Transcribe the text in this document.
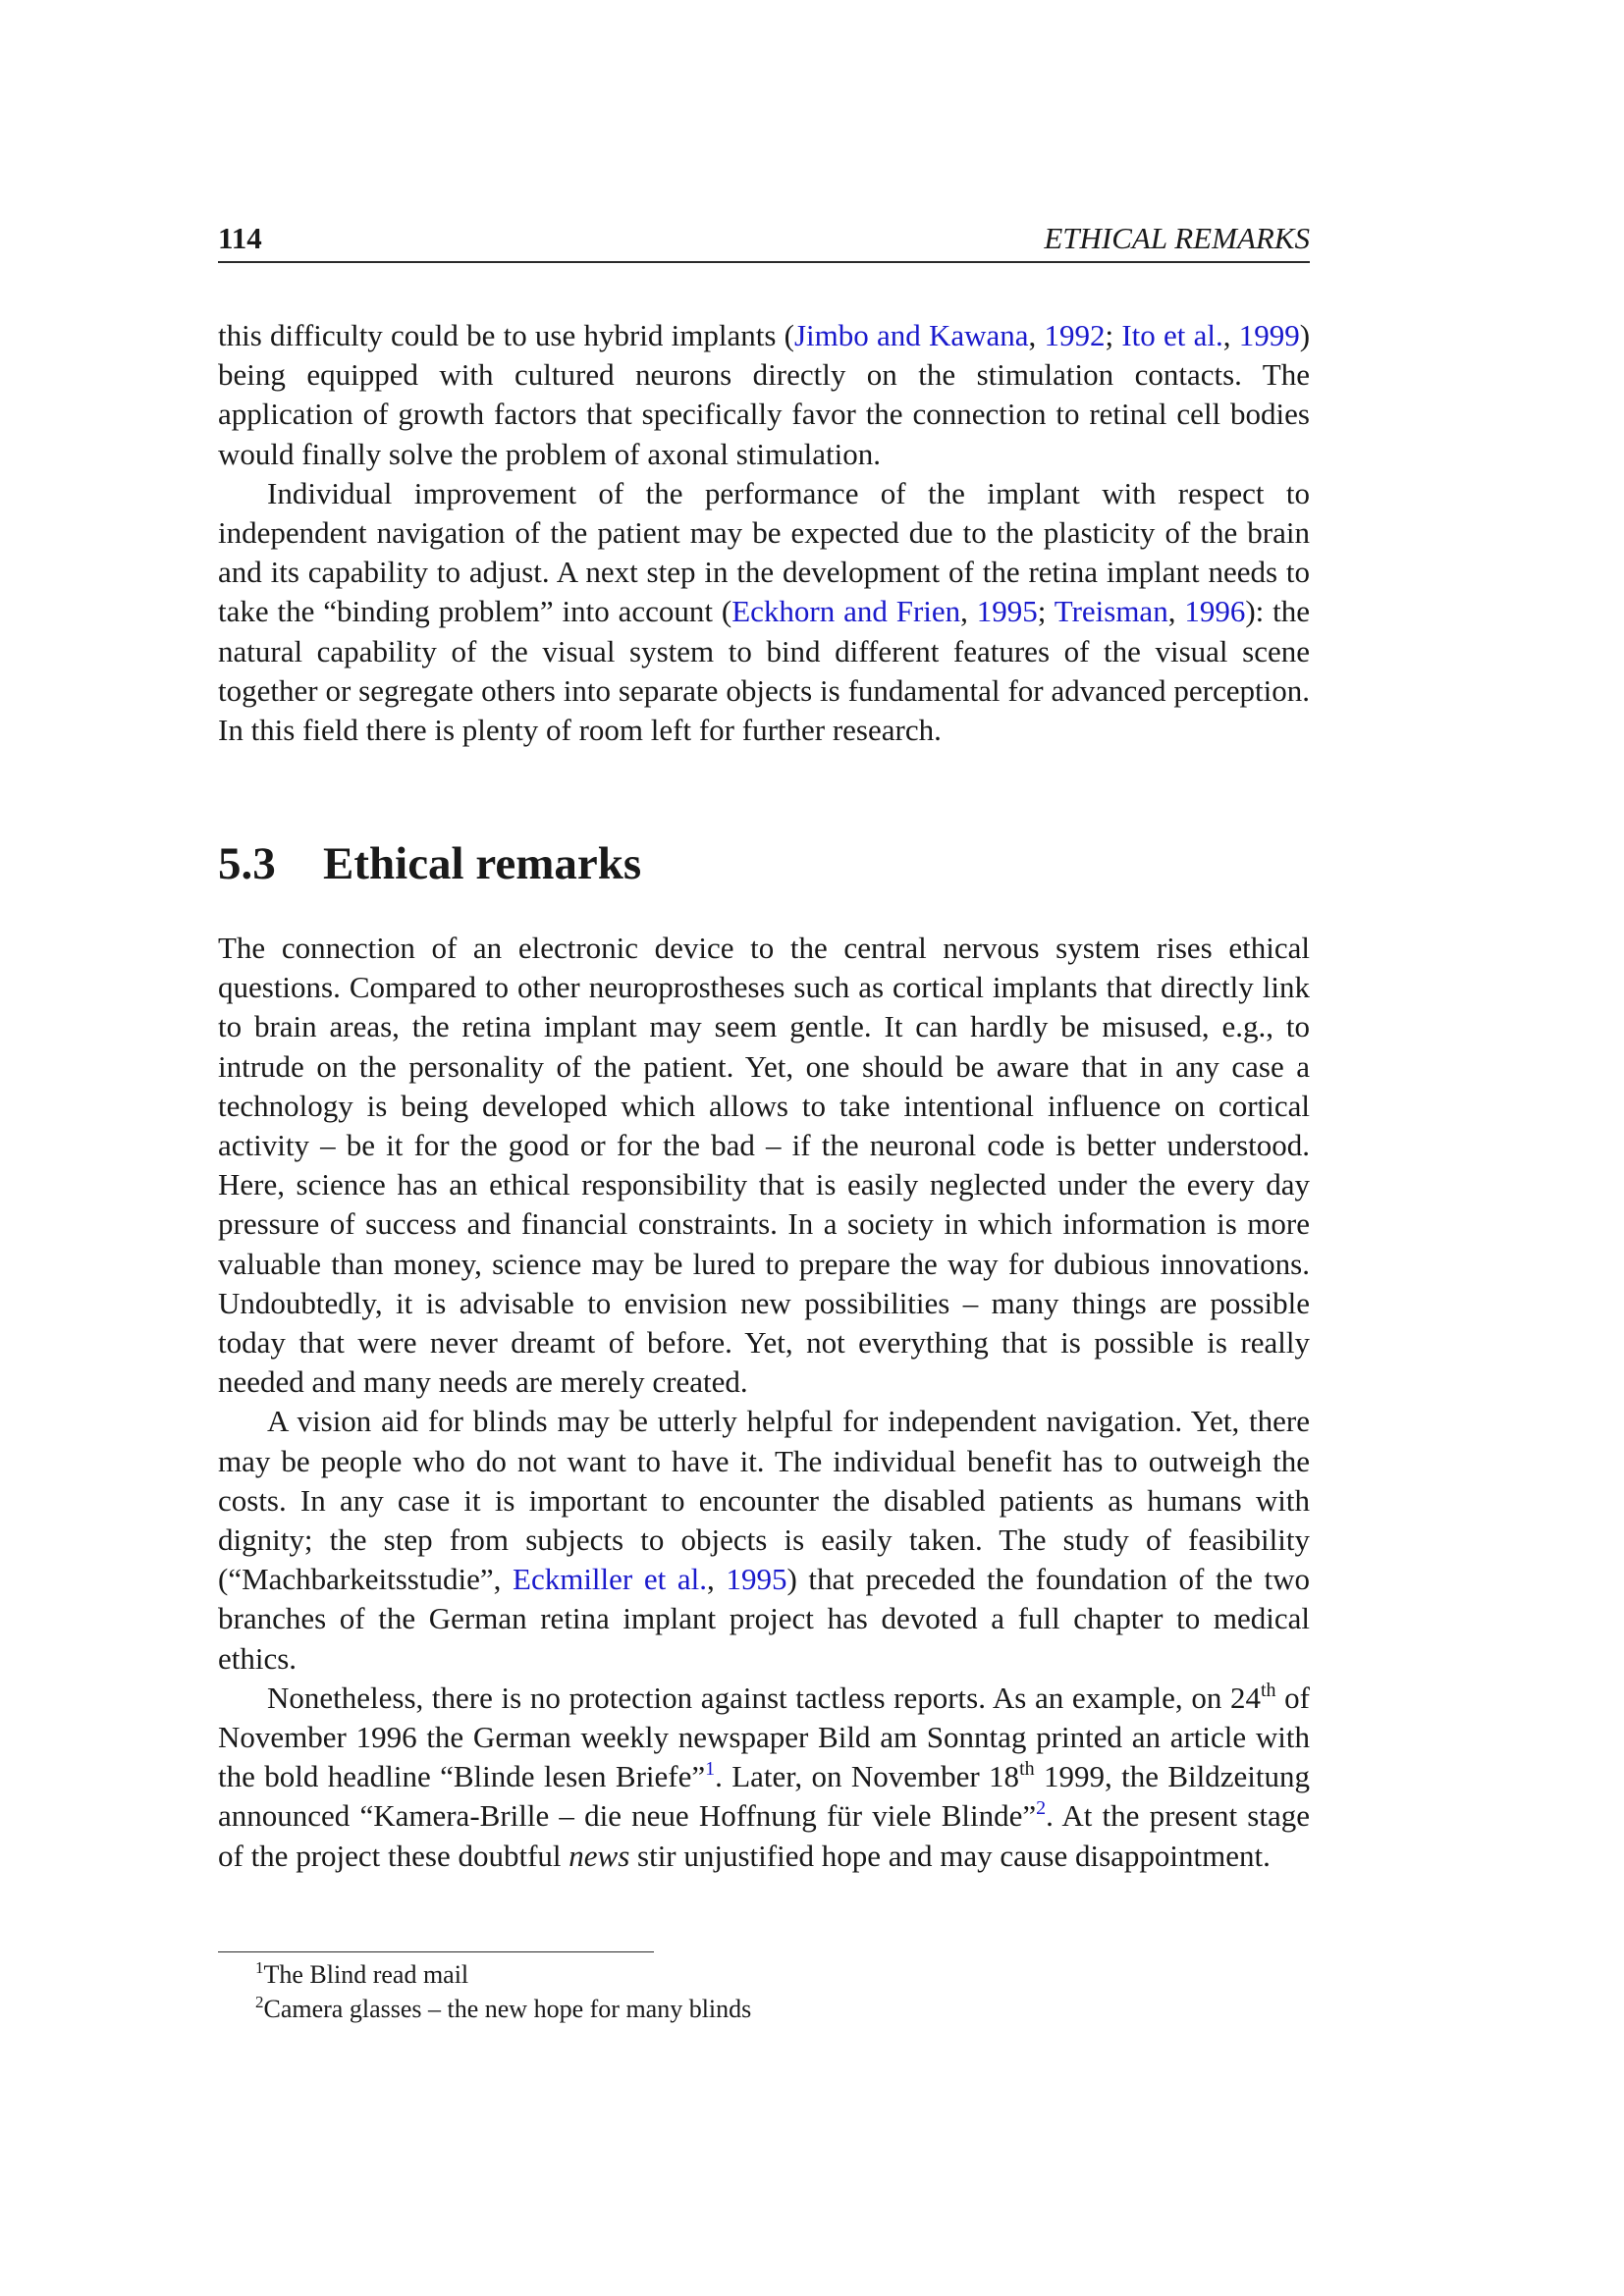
114	ETHICAL REMARKS

this difficulty could be to use hybrid implants (Jimbo and Kawana, 1992; Ito et al., 1999) being equipped with cultured neurons directly on the stimulation contacts. The application of growth factors that specifically favor the connection to retinal cell bodies would finally solve the problem of axonal stimulation.

Individual improvement of the performance of the implant with respect to independent navigation of the patient may be expected due to the plasticity of the brain and its capability to adjust. A next step in the development of the retina implant needs to take the “binding problem” into account (Eckhorn and Frien, 1995; Treisman, 1996): the natural capability of the visual system to bind different features of the visual scene together or segregate others into separate objects is fundamental for advanced perception. In this field there is plenty of room left for further research.

5.3 Ethical remarks

The connection of an electronic device to the central nervous system rises ethical questions. Compared to other neuroprostheses such as cortical implants that directly link to brain areas, the retina implant may seem gentle. It can hardly be misused, e.g., to intrude on the personality of the patient. Yet, one should be aware that in any case a technology is being developed which allows to take intentional influence on cortical activity – be it for the good or for the bad – if the neuronal code is better understood. Here, science has an ethical responsibility that is easily neglected under the every day pressure of success and financial constraints. In a society in which information is more valuable than money, science may be lured to prepare the way for dubious innovations. Undoubtedly, it is advisable to envision new possibilities – many things are possible today that were never dreamt of before. Yet, not everything that is possible is really needed and many needs are merely created.

A vision aid for blinds may be utterly helpful for independent navigation. Yet, there may be people who do not want to have it. The individual benefit has to outweigh the costs. In any case it is important to encounter the disabled patients as humans with dignity; the step from subjects to objects is easily taken. The study of feasibility (“Machbarkeitsstudie”, Eckmiller et al., 1995) that preceded the foundation of the two branches of the German retina implant project has devoted a full chapter to medical ethics.

Nonetheless, there is no protection against tactless reports. As an example, on 24th of November 1996 the German weekly newspaper Bild am Sonntag printed an article with the bold headline “Blinde lesen Briefe”$^1$. Later, on November 18th 1999, the Bildzeitung announced “Kamera-Brille – die neue Hoffnung für viele Blinde”$^2$. At the present stage of the project these doubtful news stir unjustified hope and may cause disappointment.

$^1$The Blind read mail
$^2$Camera glasses – the new hope for many blinds
